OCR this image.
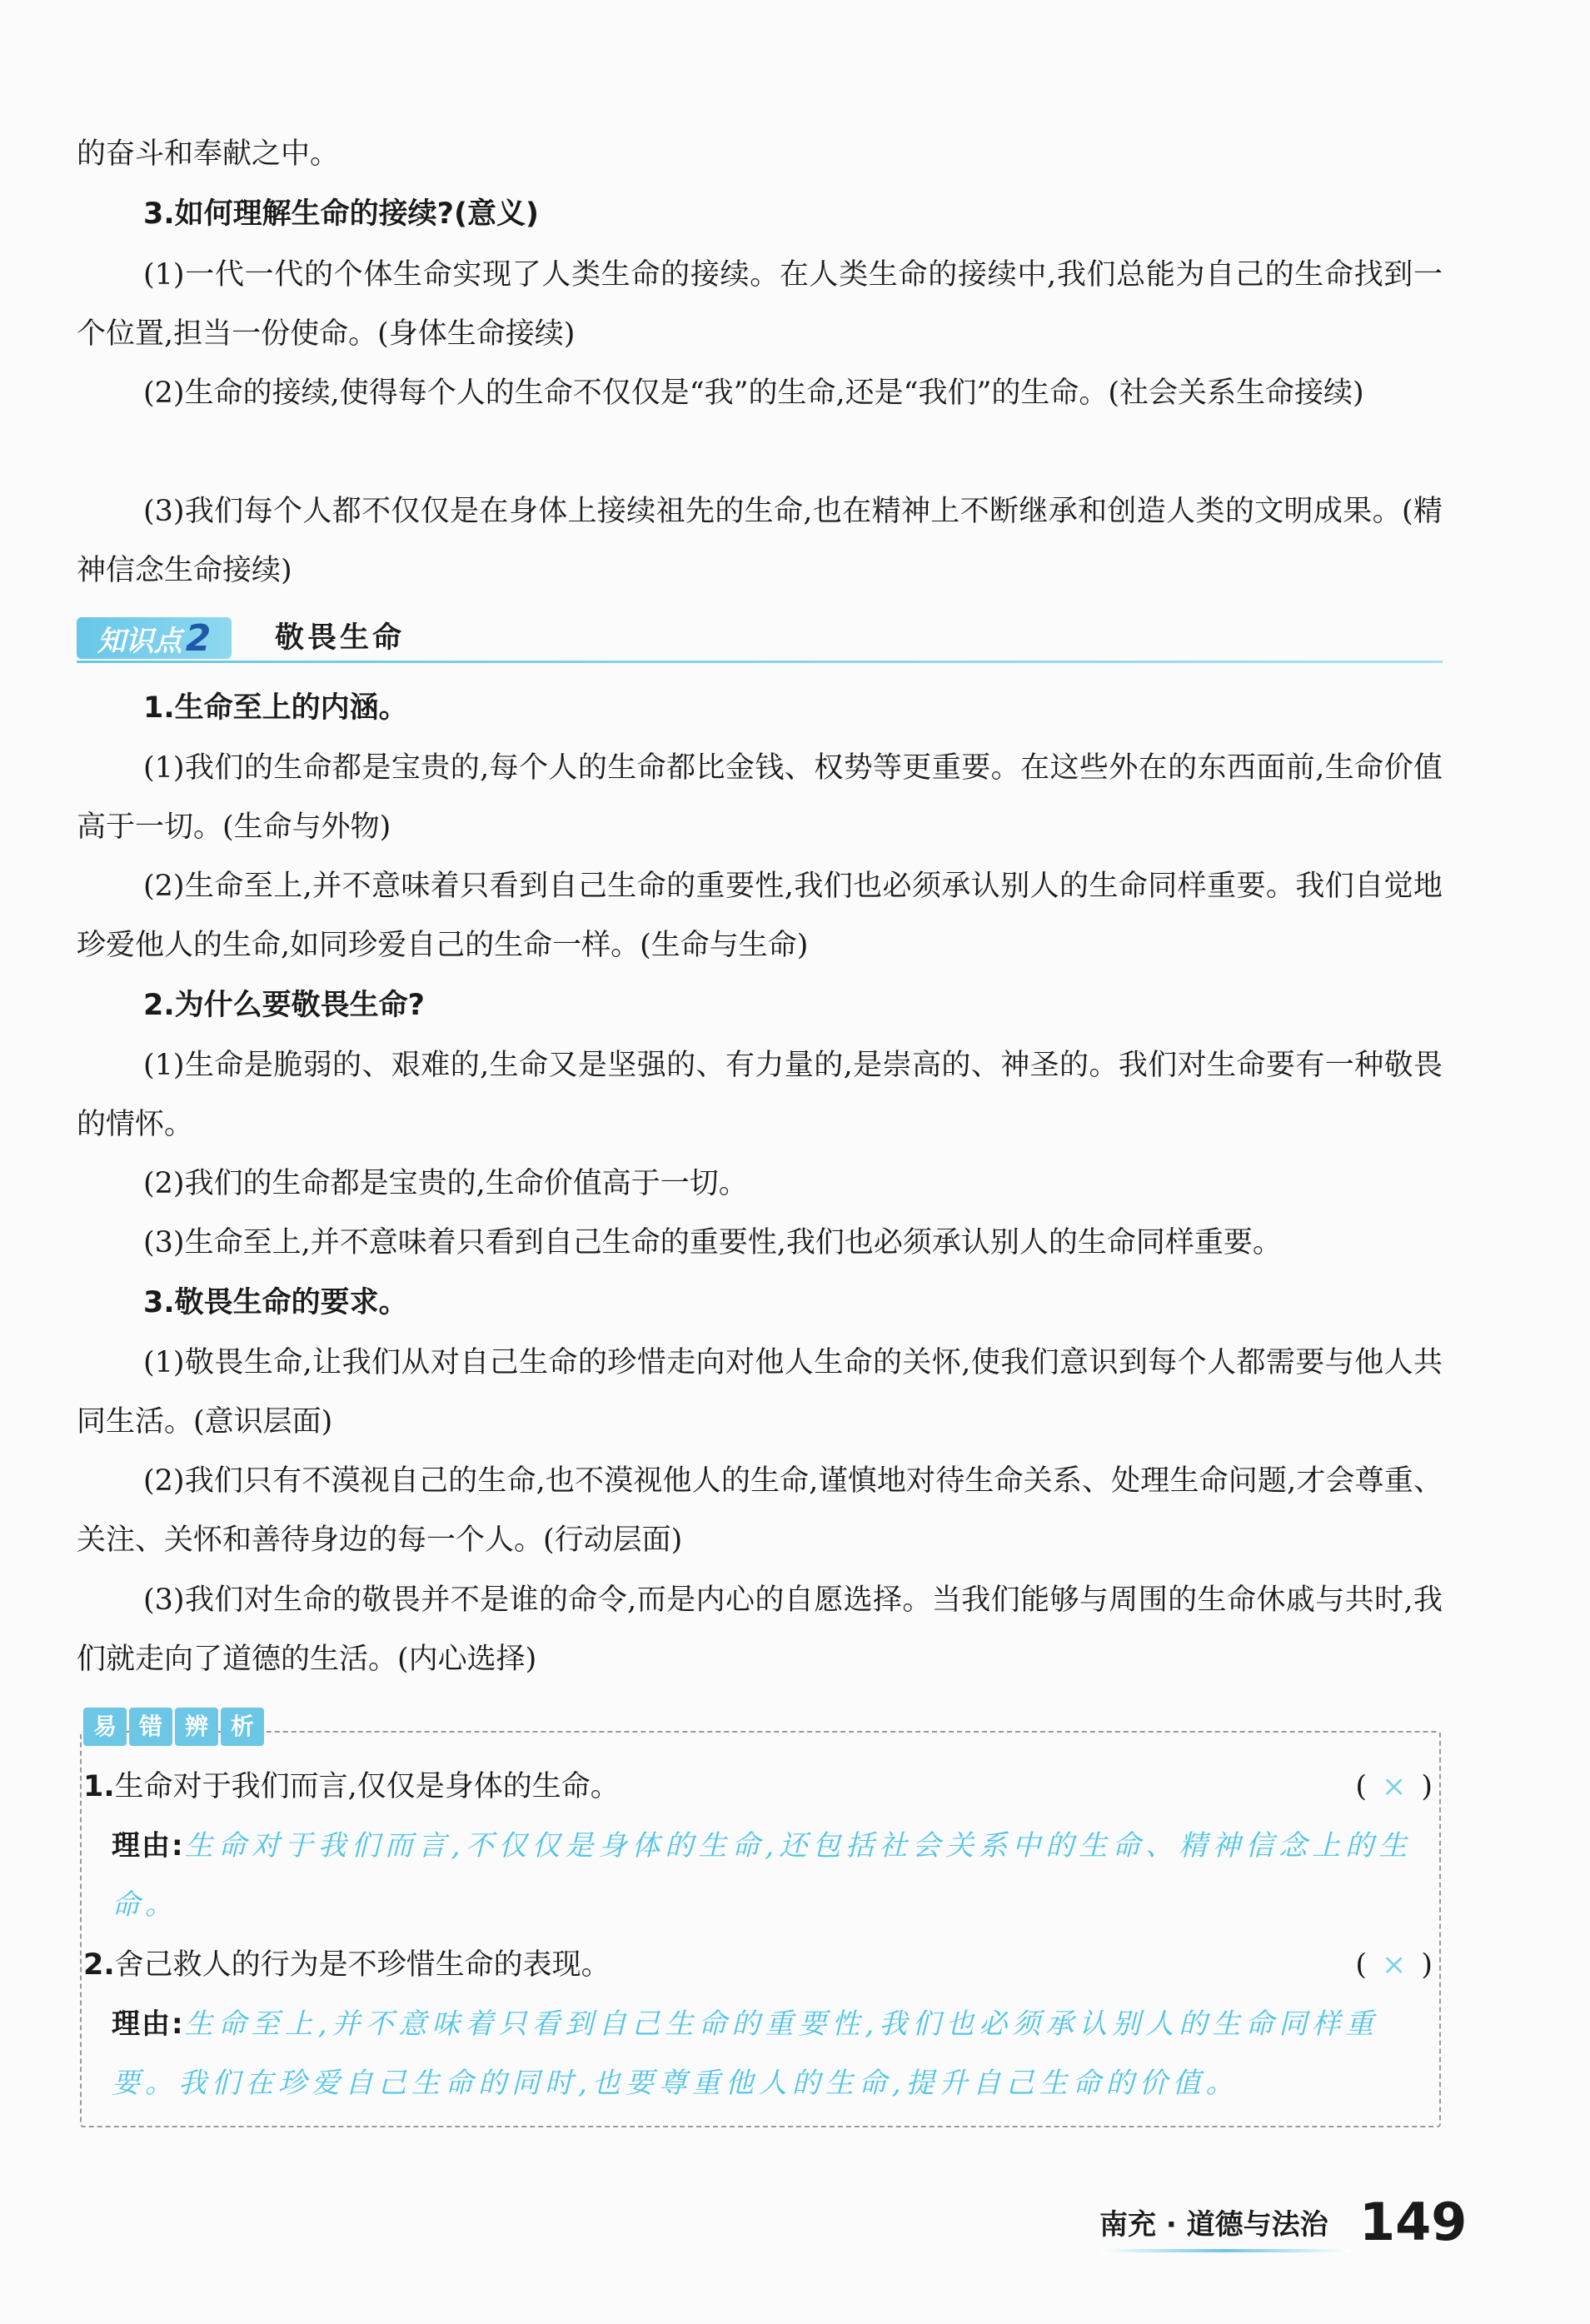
的奋斗和奉献之中。

3.如何理解生命的接续?(意义)

(1)一代一代的个体生命实现了人类生命的接续。在人类生命的接续中,我们总能为自己的生命找到一个位置,担当一份使命。(身体生命接续)

(2)生命的接续,使得每个人的生命不仅仅是“我”的生命,还是“我们”的生命。(社会关系生命接续)

(3)我们每个人都不仅仅是在身体上接续祖先的生命,也在精神上不断继承和创造人类的文明成果。(精神信念生命接续)

知识点 2 敬畏生命
1.生命至上的内涵。

(1)我们的生命都是宝贵的,每个人的生命都比金钱、权势等更重要。在这些外在的东西面前,生命价值高于一切。(生命与外物)

(2)生命至上,并不意味着只看到自己生命的重要性,我们也必须承认别人的生命同样重要。我们自觉地珍爱他人的生命,如同珍爱自己的生命一样。(生命与生命)

2.为什么要敬畏生命?

(1)生命是脆弱的、艰难的,生命又是坚强的、有力量的,是崇高的、神圣的。我们对生命要有一种敬畏的情怀。

(2)我们的生命都是宝贵的,生命价值高于一切。

(3)生命至上,并不意味着只看到自己生命的重要性,我们也必须承认别人的生命同样重要。

3.敬畏生命的要求。

(1)敬畏生命,让我们从对自己生命的珍惜走向对他人生命的关怀,使我们意识到每个人都需要与他人共同生活。(意识层面)

(2)我们只有不漠视自己的生命,也不漠视他人的生命,谨慎地对待生命关系、处理生命问题,才会尊重、关注、关怀和善待身边的每一个人。(行动层面)

(3)我们对生命的敬畏并不是谁的命令,而是内心的自愿选择。当我们能够与周围的生命休戚与共时,我们就走向了道德的生活。(内心选择)

易 错 辨 析
1.生命对于我们而言,仅仅是身体的生命。	( × )
理由:生命对于我们而言,不仅仅是身体的生命,还包括社会关系中的生命、精神信念上的生命。
2.舍己救人的行为是不珍惜生命的表现。	( × )
理由:生命至上,并不意味着只看到自己生命的重要性,我们也必须承认别人的生命同样重要。我们在珍爱自己生命的同时,也要尊重他人的生命,提升自己生命的价值。
南充 · 道德与法治 149
